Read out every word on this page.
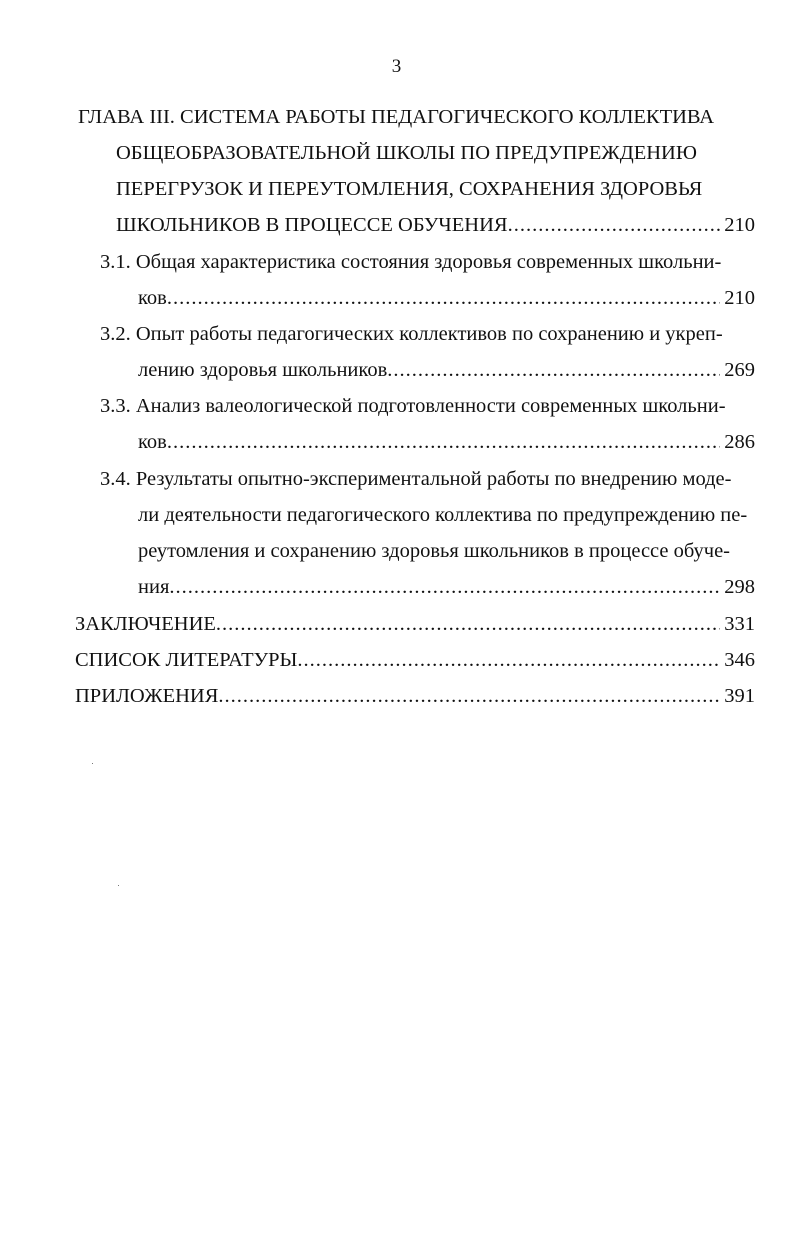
3
ГЛАВА III. СИСТЕМА РАБОТЫ ПЕДАГОГИЧЕСКОГО КОЛЛЕКТИВА
ОБЩЕОБРАЗОВАТЕЛЬНОЙ ШКОЛЫ ПО ПРЕДУПРЕЖДЕНИЮ
ПЕРЕГРУЗОК И ПЕРЕУТОМЛЕНИЯ, СОХРАНЕНИЯ ЗДОРОВЬЯ
ШКОЛЬНИКОВ В ПРОЦЕССЕ ОБУЧЕНИЯ .....	210
3.1. Общая характеристика состояния здоровья современных школьни-
ков .....	210
3.2. Опыт работы педагогических коллективов по сохранению и укреп-
лению здоровья школьников .....	269
3.3. Анализ валеологической подготовленности современных школьни-
ков .....	286
3.4. Результаты опытно-экспериментальной работы по внедрению моде-
ли деятельности педагогического коллектива по предупреждению пе-
реутомления и сохранению здоровья школьников в процессе обуче-
ния .....	298
ЗАКЛЮЧЕНИЕ .....	331
СПИСОК ЛИТЕРАТУРЫ .....	346
ПРИЛОЖЕНИЯ .....	391
